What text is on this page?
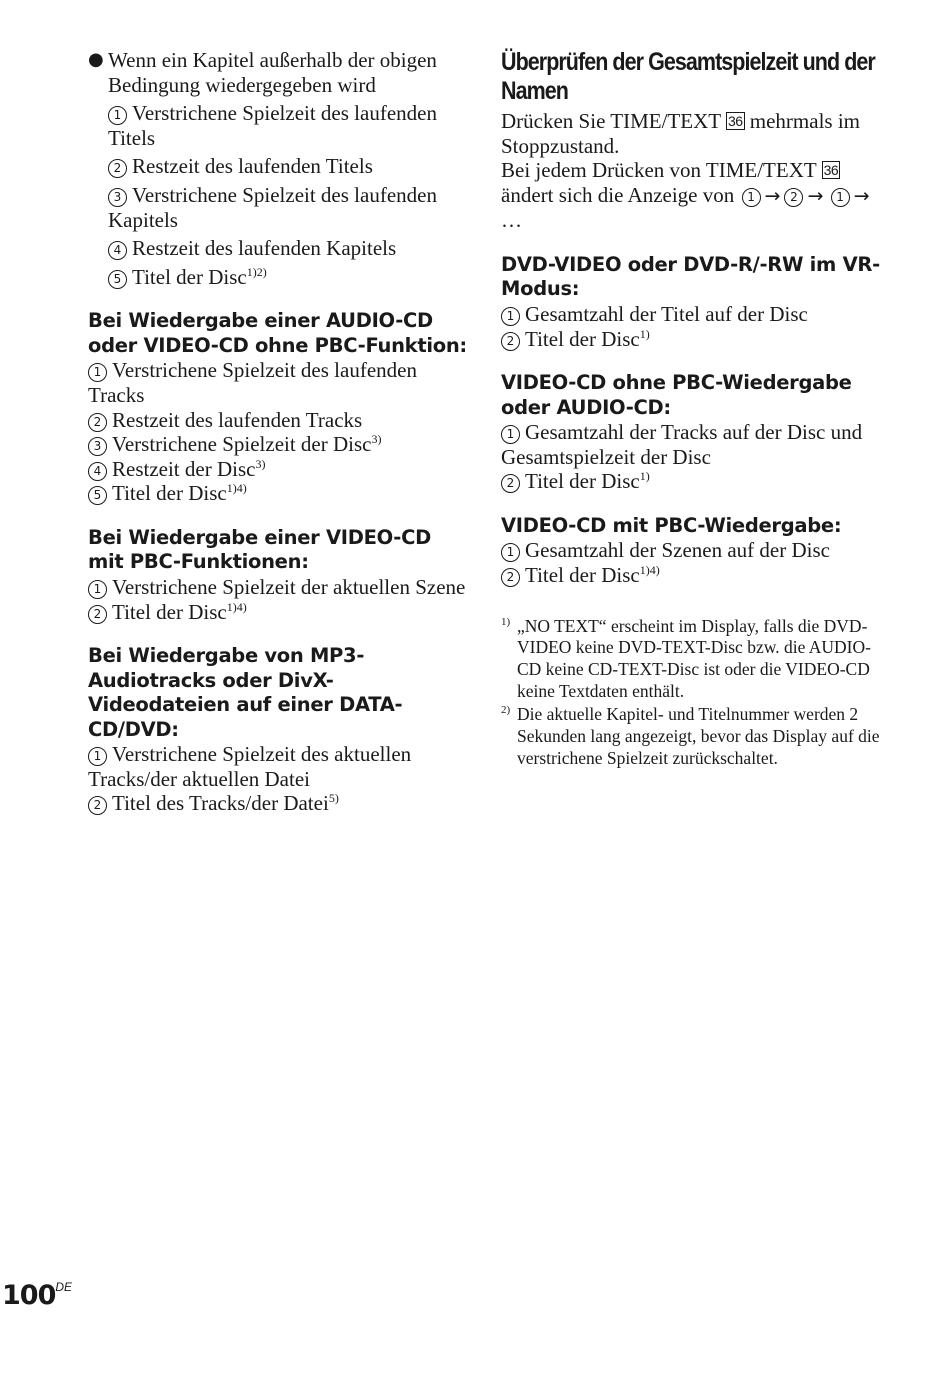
● Wenn ein Kapitel außerhalb der obigen Bedingung wiedergegeben wird
1 Verstrichene Spielzeit des laufenden Titels
2 Restzeit des laufenden Titels
3 Verstrichene Spielzeit des laufenden Kapitels
4 Restzeit des laufenden Kapitels
5 Titel der Disc$^{1)2)}$
Bei Wiedergabe einer AUDIO-CD oder VIDEO-CD ohne PBC-Funktion:
1 Verstrichene Spielzeit des laufenden Tracks
2 Restzeit des laufenden Tracks
3 Verstrichene Spielzeit der Disc$^{3)}$
4 Restzeit der Disc$^{3)}$
5 Titel der Disc$^{1)4)}$
Bei Wiedergabe einer VIDEO-CD mit PBC-Funktionen:
1 Verstrichene Spielzeit der aktuellen Szene
2 Titel der Disc$^{1)4)}$
Bei Wiedergabe von MP3-Audiotracks oder DivX-Videodateien auf einer DATA-CD/DVD:
1 Verstrichene Spielzeit des aktuellen Tracks/der aktuellen Datei
2 Titel des Tracks/der Datei$^{5)}$
Überprüfen der Gesamtspielzeit und der Namen
Drücken Sie TIME/TEXT 36 mehrmals im Stoppzustand.
Bei jedem Drücken von TIME/TEXT 36 ändert sich die Anzeige von 1 → 2 → 1 → …
DVD-VIDEO oder DVD-R/-RW im VR-Modus:
1 Gesamtzahl der Titel auf der Disc
2 Titel der Disc$^{1)}$
VIDEO-CD ohne PBC-Wiedergabe oder AUDIO-CD:
1 Gesamtzahl der Tracks auf der Disc und Gesamtspielzeit der Disc
2 Titel der Disc$^{1)}$
VIDEO-CD mit PBC-Wiedergabe:
1 Gesamtzahl der Szenen auf der Disc
2 Titel der Disc$^{1)4)}$
1) „NO TEXT“ erscheint im Display, falls die DVD-VIDEO keine DVD-TEXT-Disc bzw. die AUDIO-CD keine CD-TEXT-Disc ist oder die VIDEO-CD keine Textdaten enthält.
2) Die aktuelle Kapitel- und Titelnummer werden 2 Sekunden lang angezeigt, bevor das Display auf die verstrichene Spielzeit zurückschaltet.
100DE
